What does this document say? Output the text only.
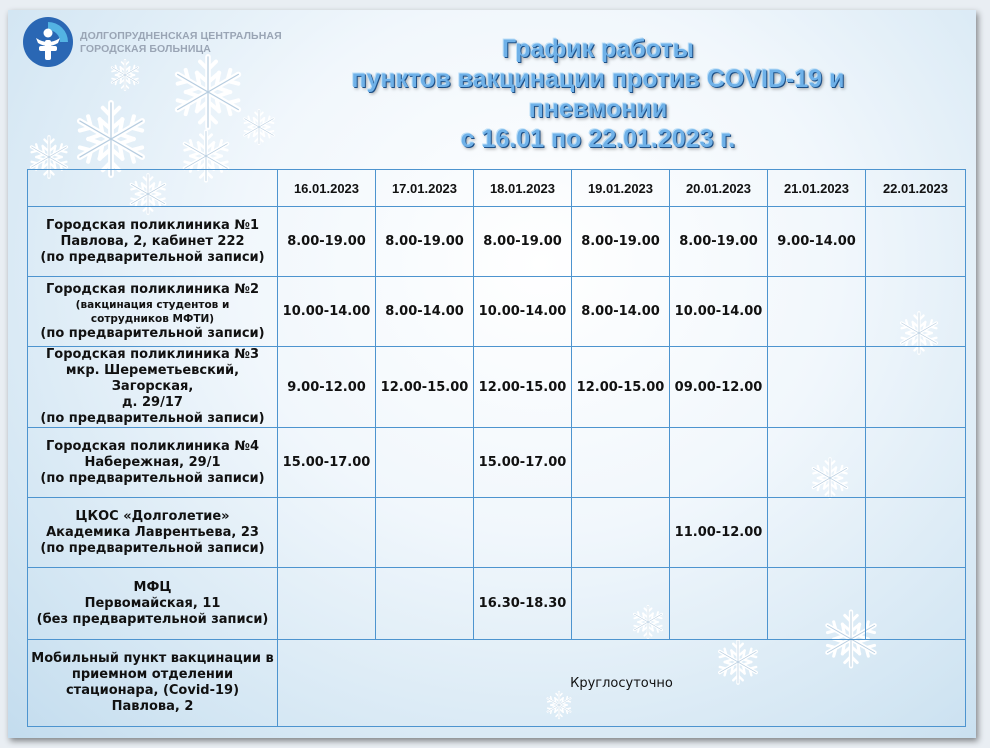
ДОЛГОПРУДНЕНСКАЯ ЦЕНТРАЛЬНАЯ
ГОРОДСКАЯ БОЛЬНИЦА	График работы
пунктов вакцинации против COVID-19 и
пневмонии
с 16.01 по 22.01.2023 г.
	16.01.2023	17.01.2023	18.01.2023	19.01.2023	20.01.2023	21.01.2023	22.01.2023

Городская поликлиника №1
Павлова, 2, кабинет 222
(по предварительной записи)	8.00-19.00	8.00-19.00	8.00-19.00	8.00-19.00	8.00-19.00	9.00-14.00	

Городская поликлиника №2
(вакцинация студентов и
сотрудников МФТИ)
(по предварительной записи)	10.00-14.00	8.00-14.00	10.00-14.00	8.00-14.00	10.00-14.00		

Городская поликлиника №3
мкр. Шереметьевский, Загорская,
д. 29/17
(по предварительной записи)	9.00-12.00	12.00-15.00	12.00-15.00	12.00-15.00	09.00-12.00		

Городская поликлиника №4
Набережная, 29/1
(по предварительной записи)	15.00-17.00		15.00-17.00				

ЦКОС «Долголетие»
Академика Лаврентьева, 23
(по предварительной записи)					11.00-12.00		

МФЦ
Первомайская, 11
(без предварительной записи)			16.30-18.30				

Мобильный пункт вакцинации в
приемном отделении
стационара, (Covid-19)
Павлова, 2	Круглосуточно						
